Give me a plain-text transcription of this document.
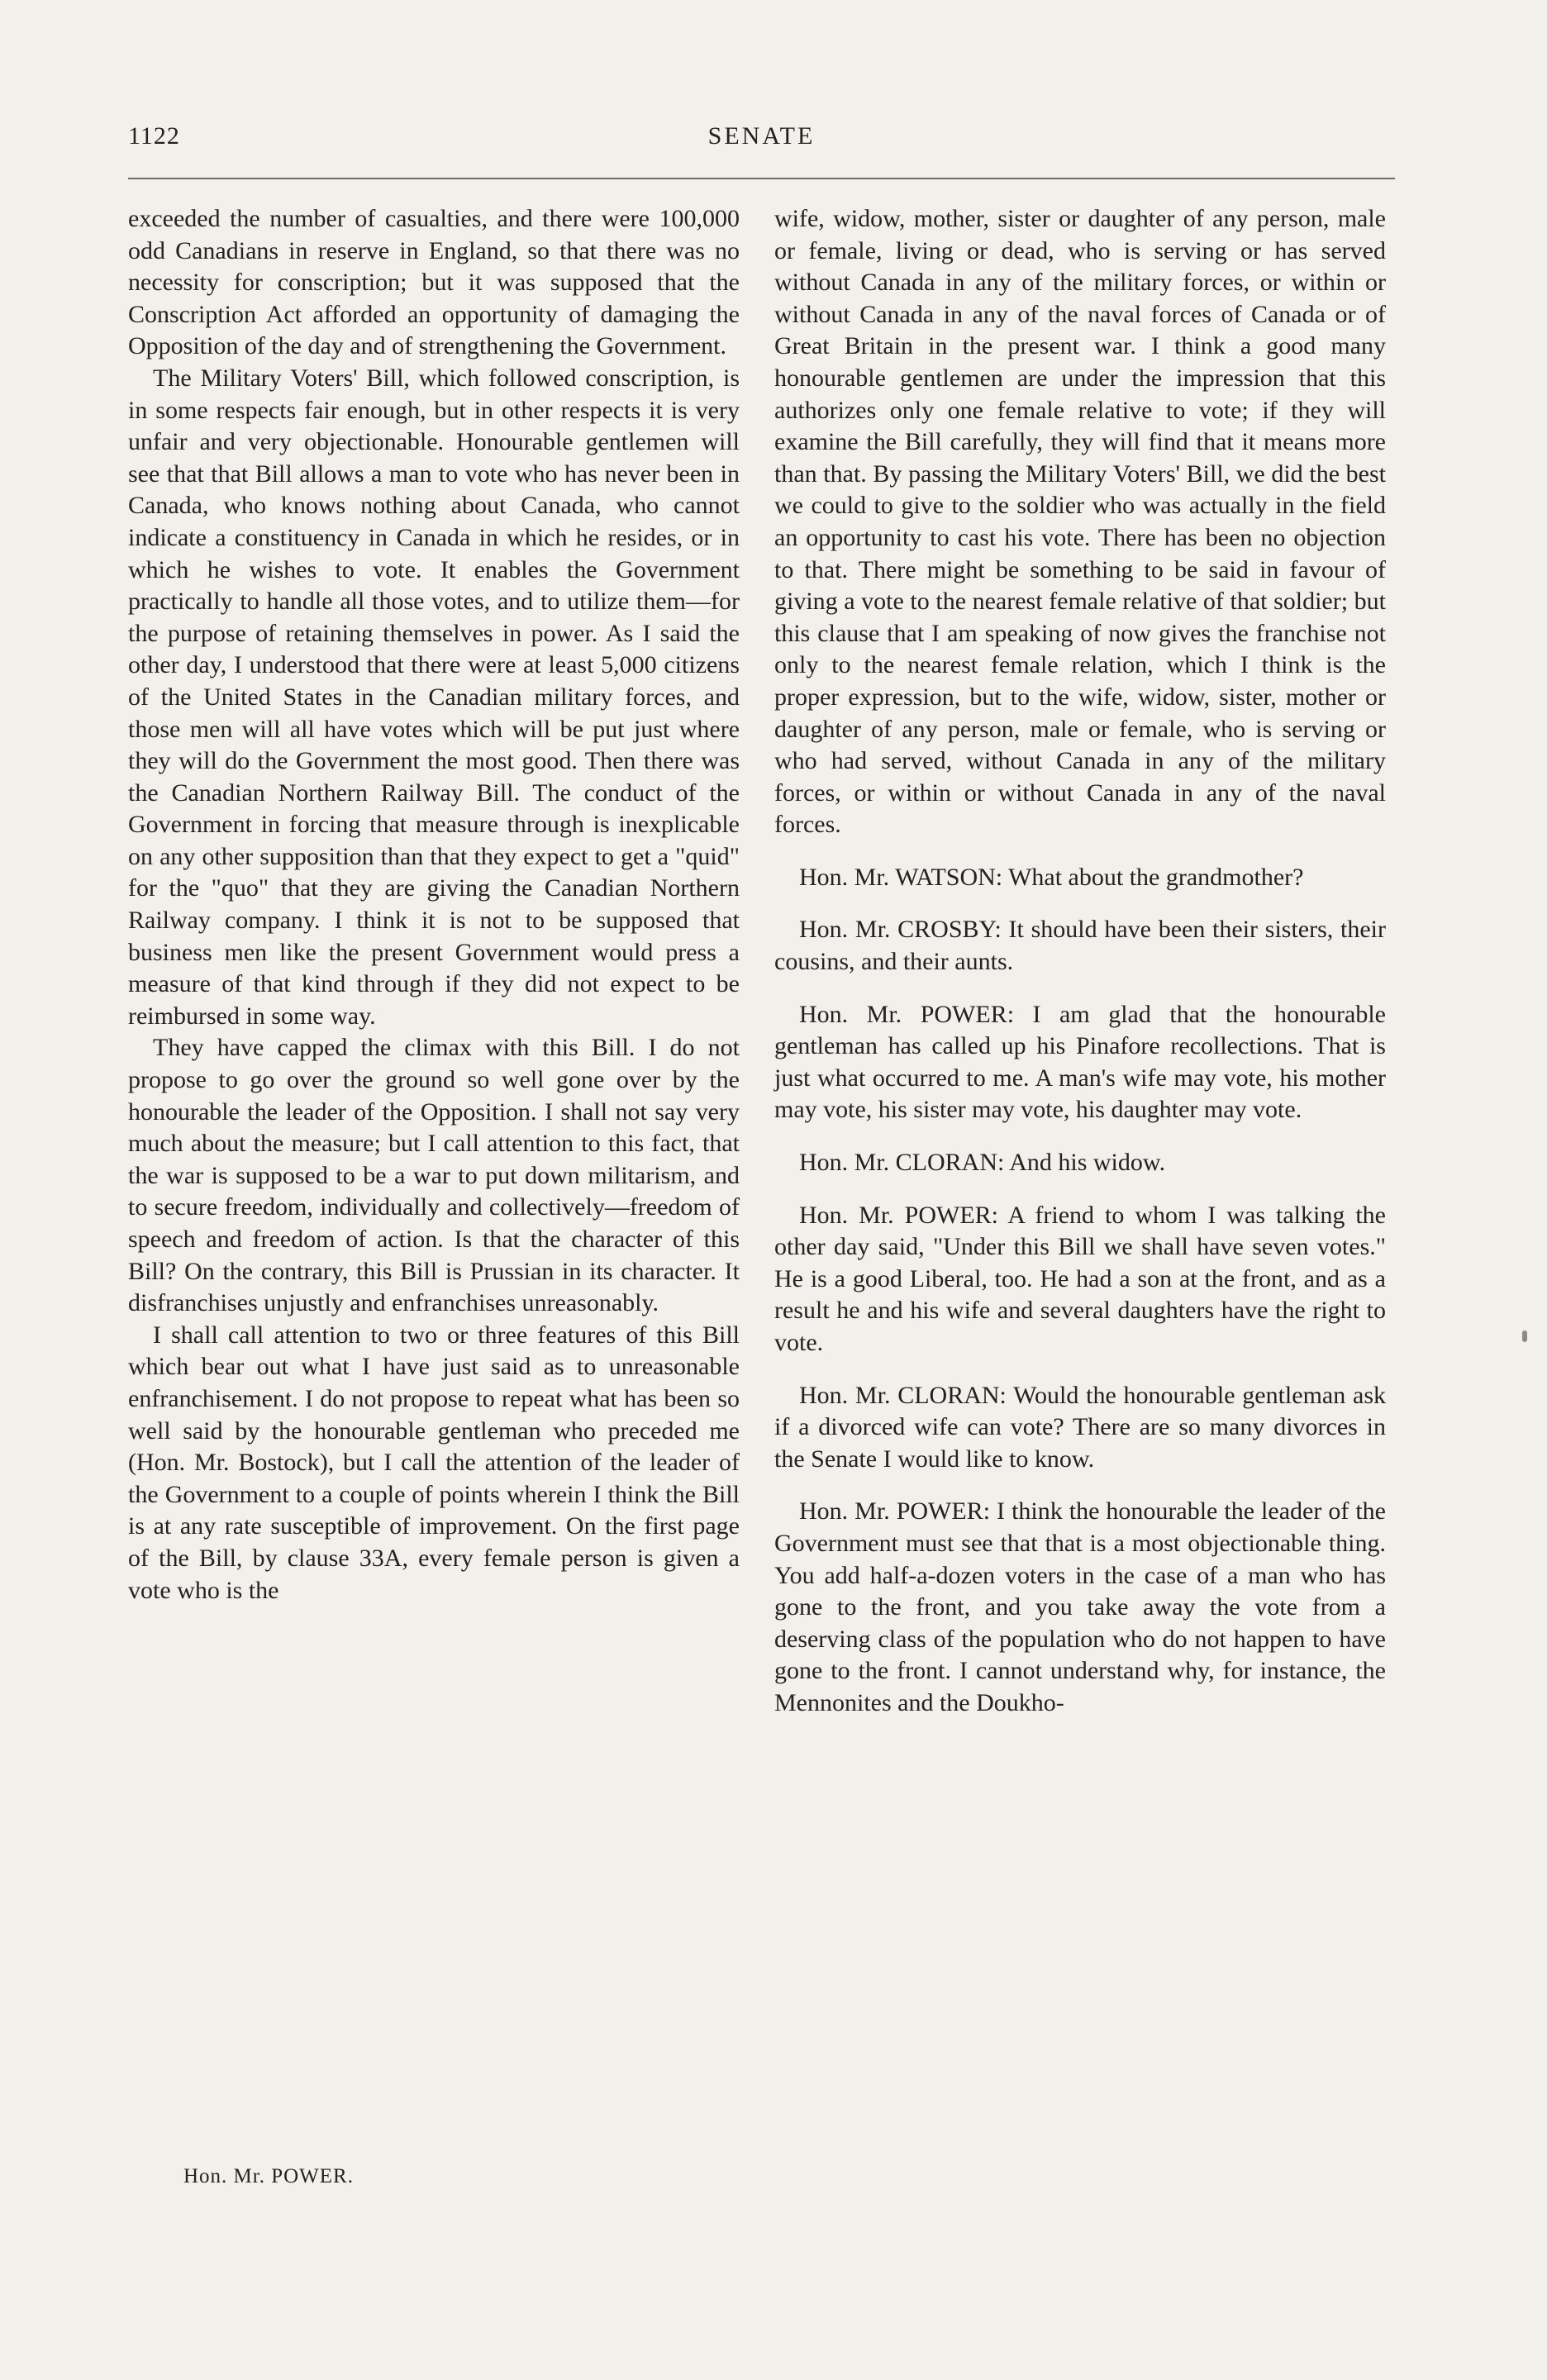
1122	SENATE

exceeded the number of casualties, and there were 100,000 odd Canadians in reserve in England, so that there was no necessity for conscription; but it was supposed that the Conscription Act afforded an opportunity of damaging the Opposition of the day and of strengthening the Government.

The Military Voters' Bill, which followed conscription, is in some respects fair enough, but in other respects it is very unfair and very objectionable. Honourable gentlemen will see that that Bill allows a man to vote who has never been in Canada, who knows nothing about Canada, who cannot indicate a constituency in Canada in which he resides, or in which he wishes to vote. It enables the Government practically to handle all those votes, and to utilize them—for the purpose of retaining themselves in power. As I said the other day, I understood that there were at least 5,000 citizens of the United States in the Canadian military forces, and those men will all have votes which will be put just where they will do the Government the most good. Then there was the Canadian Northern Railway Bill. The conduct of the Government in forcing that measure through is inexplicable on any other supposition than that they expect to get a "quid" for the "quo" that they are giving the Canadian Northern Railway company. I think it is not to be supposed that business men like the present Government would press a measure of that kind through if they did not expect to be reimbursed in some way.

They have capped the climax with this Bill. I do not propose to go over the ground so well gone over by the honourable the leader of the Opposition. I shall not say very much about the measure; but I call attention to this fact, that the war is supposed to be a war to put down militarism, and to secure freedom, individually and collectively—freedom of speech and freedom of action. Is that the character of this Bill? On the contrary, this Bill is Prussian in its character. It disfranchises unjustly and enfranchises unreasonably.

I shall call attention to two or three features of this Bill which bear out what I have just said as to unreasonable enfranchisement. I do not propose to repeat what has been so well said by the honourable gentleman who preceded me (Hon. Mr. Bostock), but I call the attention of the leader of the Government to a couple of points wherein I think the Bill is at any rate susceptible of improvement. On the first page of the Bill, by clause 33A, every female person is given a vote who is the

wife, widow, mother, sister or daughter of any person, male or female, living or dead, who is serving or has served without Canada in any of the military forces, or within or without Canada in any of the naval forces of Canada or of Great Britain in the present war. I think a good many honourable gentlemen are under the impression that this authorizes only one female relative to vote; if they will examine the Bill carefully, they will find that it means more than that. By passing the Military Voters' Bill, we did the best we could to give to the soldier who was actually in the field an opportunity to cast his vote. There has been no objection to that. There might be something to be said in favour of giving a vote to the nearest female relative of that soldier; but this clause that I am speaking of now gives the franchise not only to the nearest female relation, which I think is the proper expression, but to the wife, widow, sister, mother or daughter of any person, male or female, who is serving or who had served, without Canada in any of the military forces, or within or without Canada in any of the naval forces.

Hon. Mr. WATSON: What about the grandmother?

Hon. Mr. CROSBY: It should have been their sisters, their cousins, and their aunts.

Hon. Mr. POWER: I am glad that the honourable gentleman has called up his Pinafore recollections. That is just what occurred to me. A man's wife may vote, his mother may vote, his sister may vote, his daughter may vote.

Hon. Mr. CLORAN: And his widow.

Hon. Mr. POWER: A friend to whom I was talking the other day said, "Under this Bill we shall have seven votes." He is a good Liberal, too. He had a son at the front, and as a result he and his wife and several daughters have the right to vote.

Hon. Mr. CLORAN: Would the honourable gentleman ask if a divorced wife can vote? There are so many divorces in the Senate I would like to know.

Hon. Mr. POWER: I think the honourable the leader of the Government must see that that is a most objectionable thing. You add half-a-dozen voters in the case of a man who has gone to the front, and you take away the vote from a deserving class of the population who do not happen to have gone to the front. I cannot understand why, for instance, the Mennonites and the Doukho-

Hon. Mr. POWER.
